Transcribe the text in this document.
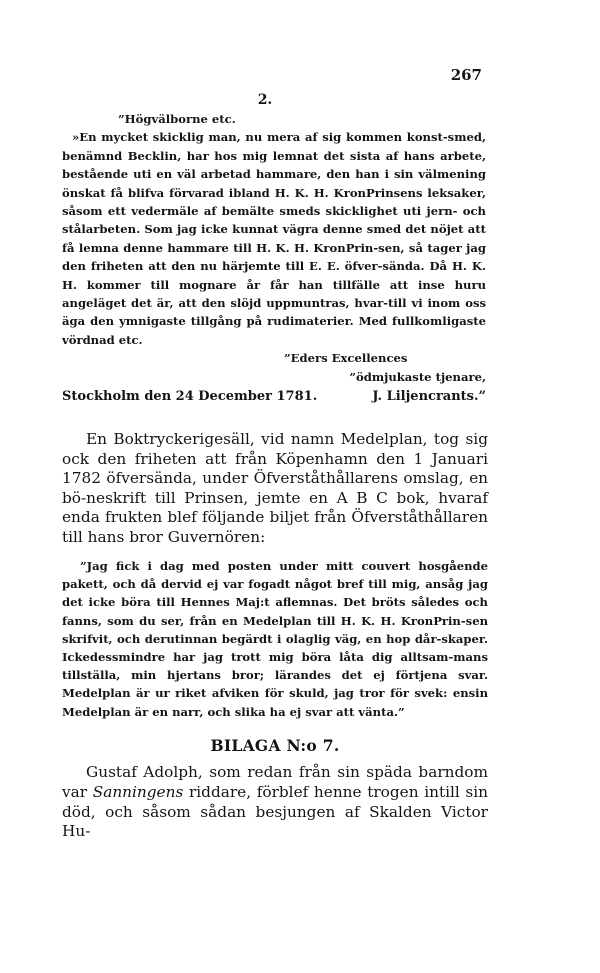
267
2.

”Högvälborne etc.

»En mycket skicklig man, nu mera af sig kommen konst-smed, benämnd Becklin, har hos mig lemnat det sista af hans arbete, bestående uti en väl arbetad hammare, den han i sin välmening önskat få blifva förvarad ibland H. K. H. KronPrinsens leksaker, såsom ett vedermäle af bemälte smeds skicklighet uti jern- och stålarbeten. Som jag icke kunnat vägra denne smed det nöjet att få lemna denne hammare till H. K. H. KronPrin-sen, så tager jag den friheten att den nu härjemte till E. E. öfver-sända. Då H. K. H. kommer till mognare år får han tillfälle att inse huru angeläget det är, att den slöjd uppmuntras, hvar-till vi inom oss äga den ymnigaste tillgång på rudimaterier. Med fullkomligaste vördnad etc.

”Eders Excellences

”ödmjukaste tjenare,

Stockholm den 24 December 1781.	J. Liljencrants.”

En Boktryckerigesäll, vid namn Medelplan, tog sig ock den friheten att från Köpenhamn den 1 Januari 1782 öfversända, under Öfverståthållarens omslag, en bö-neskrift till Prinsen, jemte en A B C bok, hvaraf enda frukten blef följande biljet från Öfverståthållaren till hans bror Guvernören:

”Jag fick i dag med posten under mitt couvert hosgående pakett, och då dervid ej var fogadt något bref till mig, ansåg jag det icke böra till Hennes Maj:t aflemnas. Det bröts således och fanns, som du ser, från en Medelplan till H. K. H. KronPrin-sen skrifvit, och derutinnan begärdt i olaglig väg, en hop dår-skaper. Ickedessmindre har jag trott mig böra låta dig alltsam-mans tillställa, min hjertans bror; lärandes det ej förtjena svar. Medelplan är ur riket afviken för skuld, jag tror för svek: ensin Medelplan är en narr, och slika ha ej svar att vänta.”

BILAGA N:o 7.

Gustaf Adolph, som redan från sin späda barndom var Sanningens riddare, förblef henne trogen intill sin död, och såsom sådan besjungen af Skalden Victor Hu-
